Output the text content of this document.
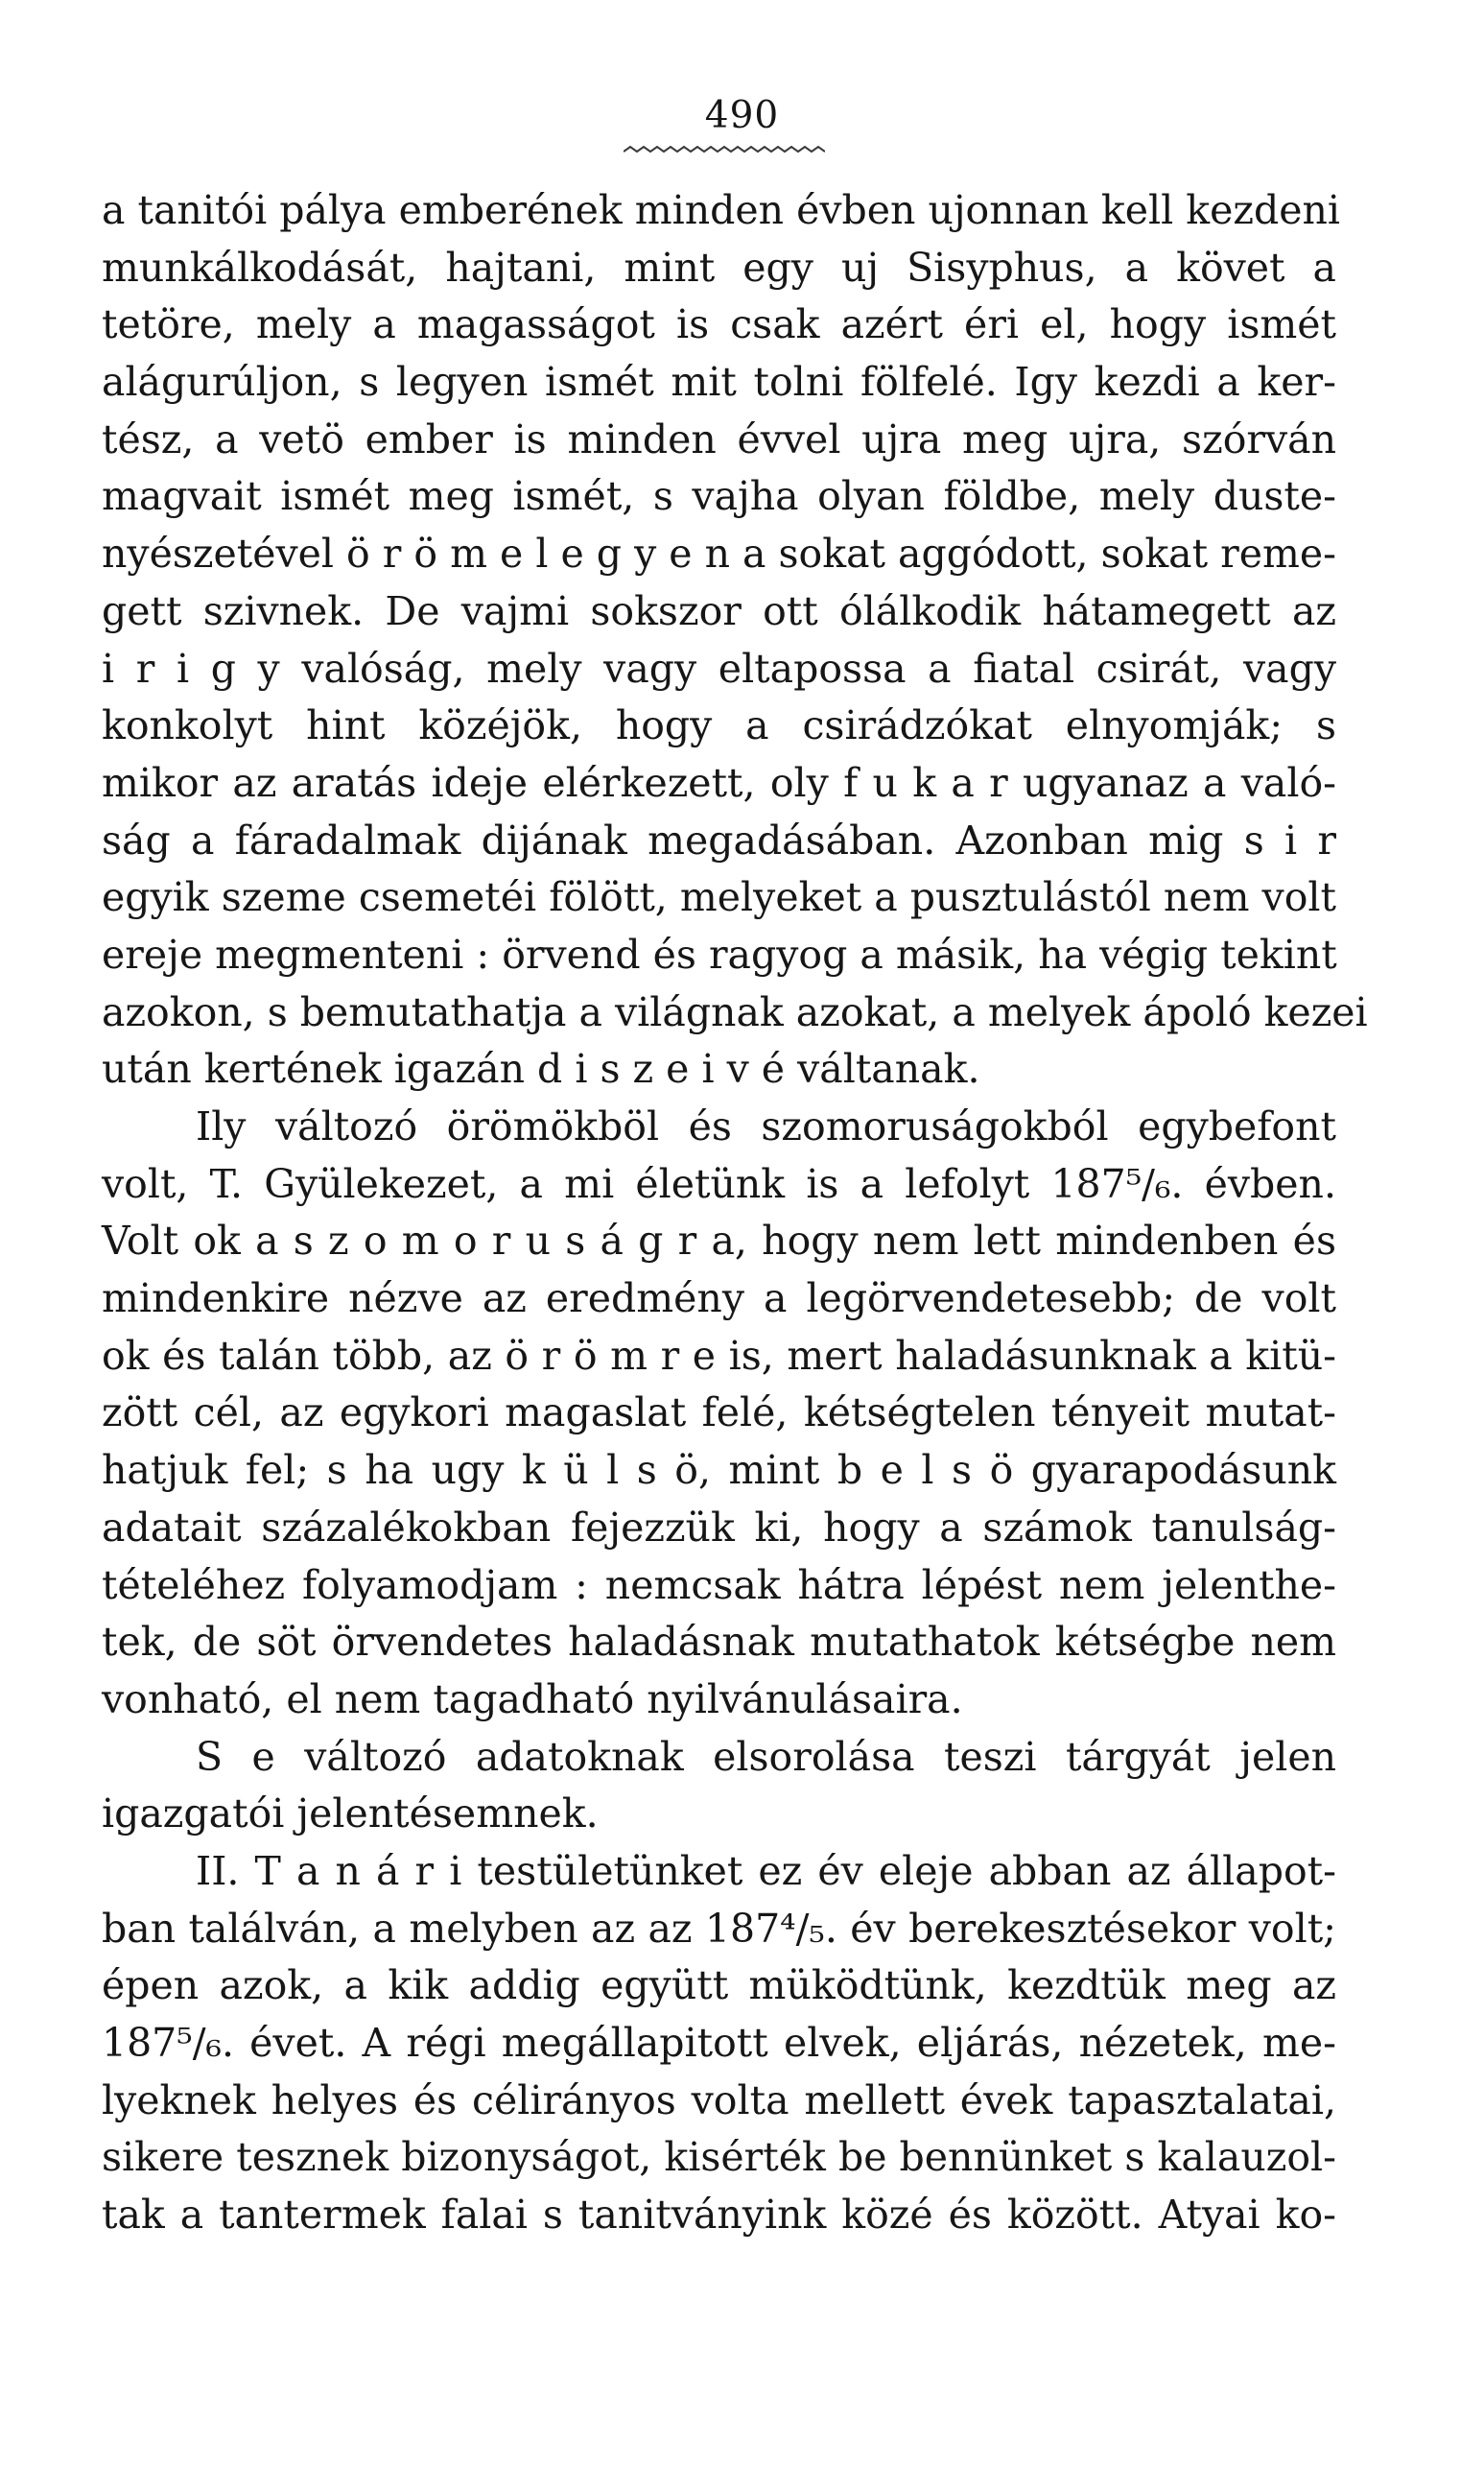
490
a tanitói pálya emberének minden évben ujonnan kell kezdeni
munkálkodását, hajtani, mint egy uj Sisyphus, a követ a
tetöre, mely a magasságot is csak azért éri el, hogy ismét
alágurúljon, s legyen ismét mit tolni fölfelé. Igy kezdi a ker-
tész, a vetö ember is minden évvel ujra meg ujra, szórván
magvait ismét meg ismét, s vajha olyan földbe, mely duste-
nyészetével ö r ö m e l e g y e n a sokat aggódott, sokat reme-
gett szivnek. De vajmi sokszor ott ólálkodik hátamegett az
i r i g y valóság, mely vagy eltapossa a fiatal csirát, vagy
konkolyt hint közéjök, hogy a csirádzókat elnyomják; s
mikor az aratás ideje elérkezett, oly f u k a r ugyanaz a valό-
ság a fáradalmak dijának megadásában. Azonban mig s i r
egyik szeme csemetéi fölött, melyeket a pusztulástól nem volt
ereje megmenteni : örvend és ragyog a másik, ha végig tekint
azokon, s bemutathatja a világnak azokat, a melyek ápoló kezei
után kertének igazán d i s z e i v é váltanak.
Ily változó örömökböl és szomoruságokból egybefont
volt, T. Gyülekezet, a mi életünk is a lefolyt 187⁵/₆. évben.
Volt ok a s z o m o r u s á g r a, hogy nem lett mindenben és
mindenkire nézve az eredmény a legörvendetesebb; de volt
ok és talán több, az ö r ö m r e is, mert haladásunknak a kitü-
zött cél, az egykori magaslat felé, kétségtelen tényeit mutat-
hatjuk fel; s ha ugy k ü l s ö, mint b e l s ö gyarapodásunk
adatait százalékokban fejezzük ki, hogy a számok tanulság-
tételéhez folyamodjam : nemcsak hátra lépést nem jelenthe-
tek, de söt örvendetes haladásnak mutathatok kétségbe nem
vonható, el nem tagadható nyilvánulásaira.
S e változó adatoknak elsorolása teszi tárgyát jelen
igazgatói jelentésemnek.
II. T a n á r i testületünket ez év eleje abban az állapot-
ban találván, a melyben az az 187⁴/₅. év berekesztésekor volt;
épen azok, a kik addig együtt müködtünk, kezdtük meg az
187⁵/₆. évet. A régi megállapitott elvek, eljárás, nézetek, me-
lyeknek helyes és célirányos volta mellett évek tapasztalatai,
sikere tesznek bizonyságot, kisérték be bennünket s kalauzol-
tak a tantermek falai s tanitványink közé és között. Atyai ko-
